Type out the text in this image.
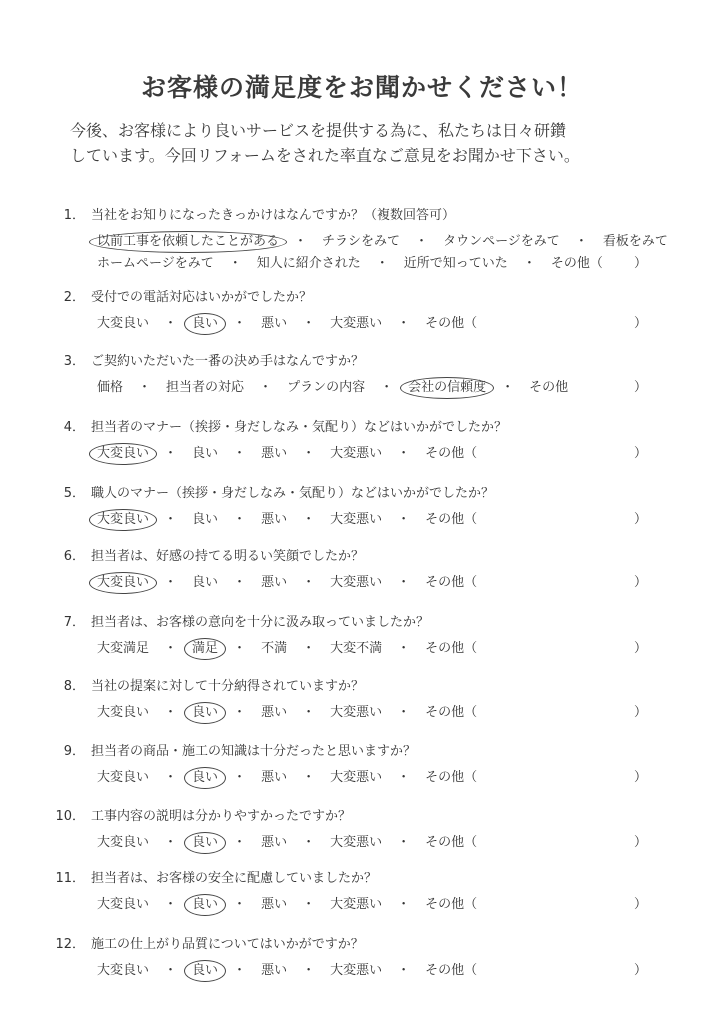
お客様の満足度をお聞かせください！
今後、お客様により良いサービスを提供する為に、私たちは日々研鑽
しています。今回リフォームをされた率直なご意見をお聞かせ下さい。
1． 当社をお知りになったきっかけはなんですか？（複数回答可）
以前工事を依頼したことがある ・ チラシをみて ・ タウンページをみて ・ 看板をみて
ホームページをみて ・ 知人に紹介された ・ 近所で知っていた ・ その他（ ）
2． 受付での電話対応はいかがでしたか？
大変良い ・ 良い ・ 悪い ・ 大変悪い ・ その他（	）
3． ご契約いただいた一番の決め手はなんですか？
価格 ・ 担当者の対応 ・ プランの内容 ・ 会社の信頼度 ・ その他	）
4． 担当者のマナー（挨拶・身だしなみ・気配り）などはいかがでしたか？
大変良い ・ 良い ・ 悪い ・ 大変悪い ・ その他（	）
5． 職人のマナー（挨拶・身だしなみ・気配り）などはいかがでしたか？
大変良い ・ 良い ・ 悪い ・ 大変悪い ・ その他（	）
6． 担当者は、好感の持てる明るい笑顔でしたか？
大変良い ・ 良い ・ 悪い ・ 大変悪い ・ その他（	）
7． 担当者は、お客様の意向を十分に汲み取っていましたか？
大変満足 ・ 満足 ・ 不満 ・ 大変不満 ・ その他（	）
8． 当社の提案に対して十分納得されていますか？
大変良い ・ 良い ・ 悪い ・ 大変悪い ・ その他（	）
9． 担当者の商品・施工の知識は十分だったと思いますか？
大変良い ・ 良い ・ 悪い ・ 大変悪い ・ その他（	）
10． 工事内容の説明は分かりやすかったですか？
大変良い ・ 良い ・ 悪い ・ 大変悪い ・ その他（	）
11． 担当者は、お客様の安全に配慮していましたか？
大変良い ・ 良い ・ 悪い ・ 大変悪い ・ その他（	）
12． 施工の仕上がり品質についてはいかがですか？
大変良い ・ 良い ・ 悪い ・ 大変悪い ・ その他（	）
